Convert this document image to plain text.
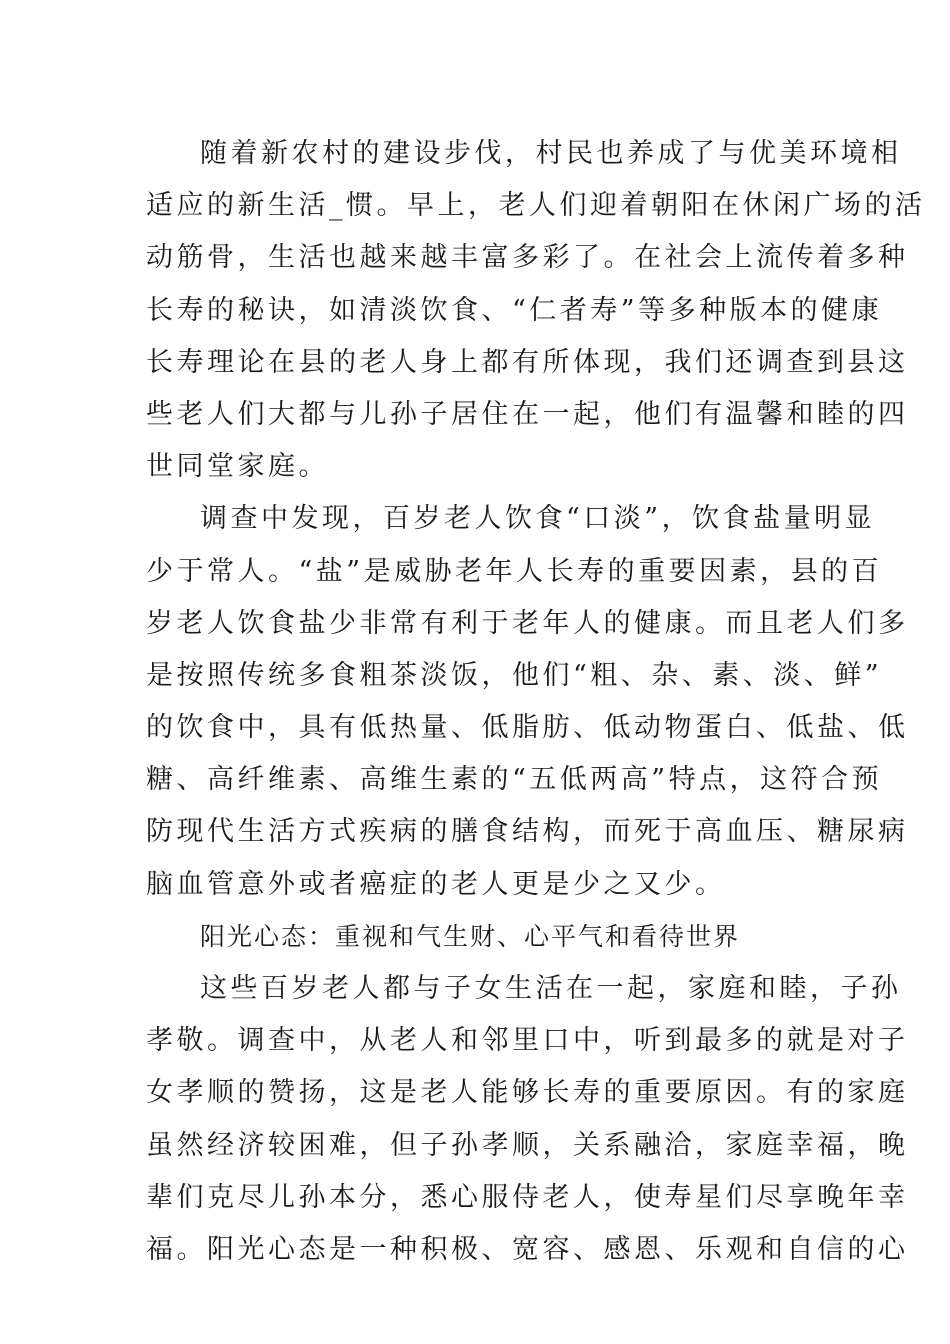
随着新农村的建设步伐，村民也养成了与优美环境相
适应的新生活_惯。早上，老人们迎着朝阳在休闲广场的活
动筋骨，生活也越来越丰富多彩了。在社会上流传着多种
长寿的秘诀，如清淡饮食、“仁者寿”等多种版本的健康
长寿理论在县的老人身上都有所体现，我们还调查到县这
些老人们大都与儿孙子居住在一起，他们有温馨和睦的四
世同堂家庭。
调查中发现，百岁老人饮食“口淡”，饮食盐量明显
少于常人。“盐”是威胁老年人长寿的重要因素，县的百
岁老人饮食盐少非常有利于老年人的健康。而且老人们多
是按照传统多食粗茶淡饭，他们“粗、杂、素、淡、鲜”
的饮食中，具有低热量、低脂肪、低动物蛋白、低盐、低
糖、高纤维素、高维生素的“五低两高”特点，这符合预
防现代生活方式疾病的膳食结构，而死于高血压、糖尿病
脑血管意外或者癌症的老人更是少之又少。
阳光心态：重视和气生财、心平气和看待世界
这些百岁老人都与子女生活在一起，家庭和睦，子孙
孝敬。调查中，从老人和邻里口中，听到最多的就是对子
女孝顺的赞扬，这是老人能够长寿的重要原因。有的家庭
虽然经济较困难，但子孙孝顺，关系融洽，家庭幸福，晚
辈们克尽儿孙本分，悉心服侍老人，使寿星们尽享晚年幸
福。阳光心态是一种积极、宽容、感恩、乐观和自信的心
